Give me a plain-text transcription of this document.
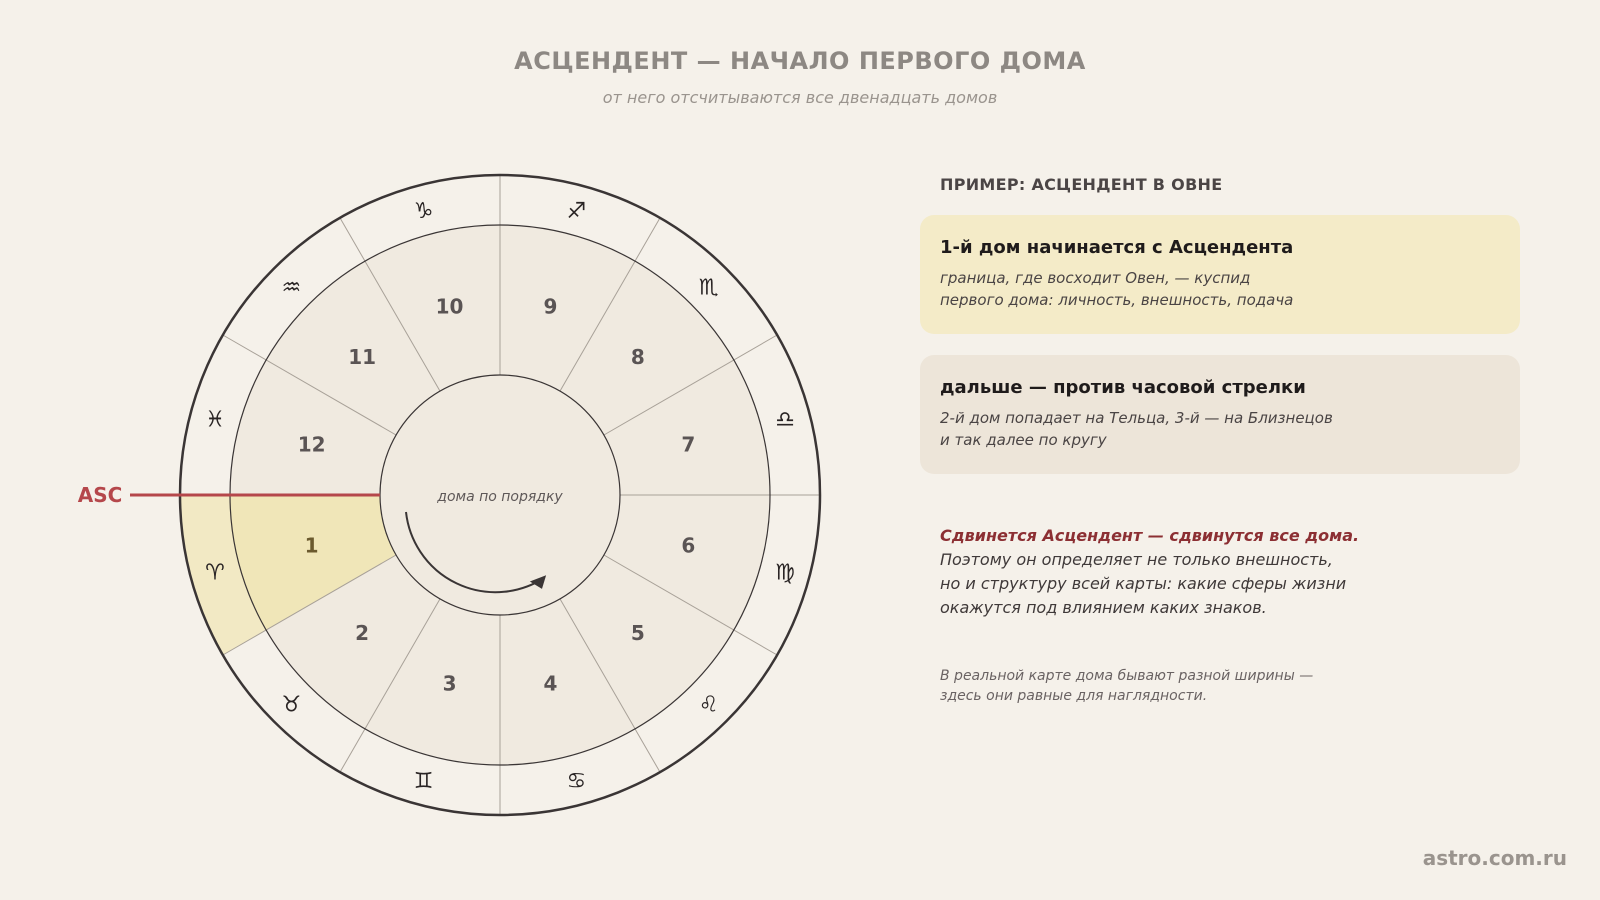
АСЦЕНДЕНТ — НАЧАЛО ПЕРВОГО ДОМА
от него отсчитываются все двенадцать домов
1
2
3	4
5
6
7
8
9
10
11
12
♈
♉
♊	♋
♌
♍
♎
♏
♐
♑
♒
♓
ASC	дома по порядку
ПРИМЕР: АСЦЕНДЕНТ В ОВНЕ
1-й дом начинается с Асцендента
граница, где восходит Овен, — куспид
первого дома: личность, внешность, подача
дальше — против часовой стрелки
2-й дом попадает на Тельца, 3-й — на Близнецов
и так далее по кругу
Сдвинется Асцендент — сдвинутся все дома.
Поэтому он определяет не только внешность,
но и структуру всей карты: какие сферы жизни
окажутся под влиянием каких знаков.
В реальной карте дома бывают разной ширины —
здесь они равные для наглядности.
astro.com.ru
